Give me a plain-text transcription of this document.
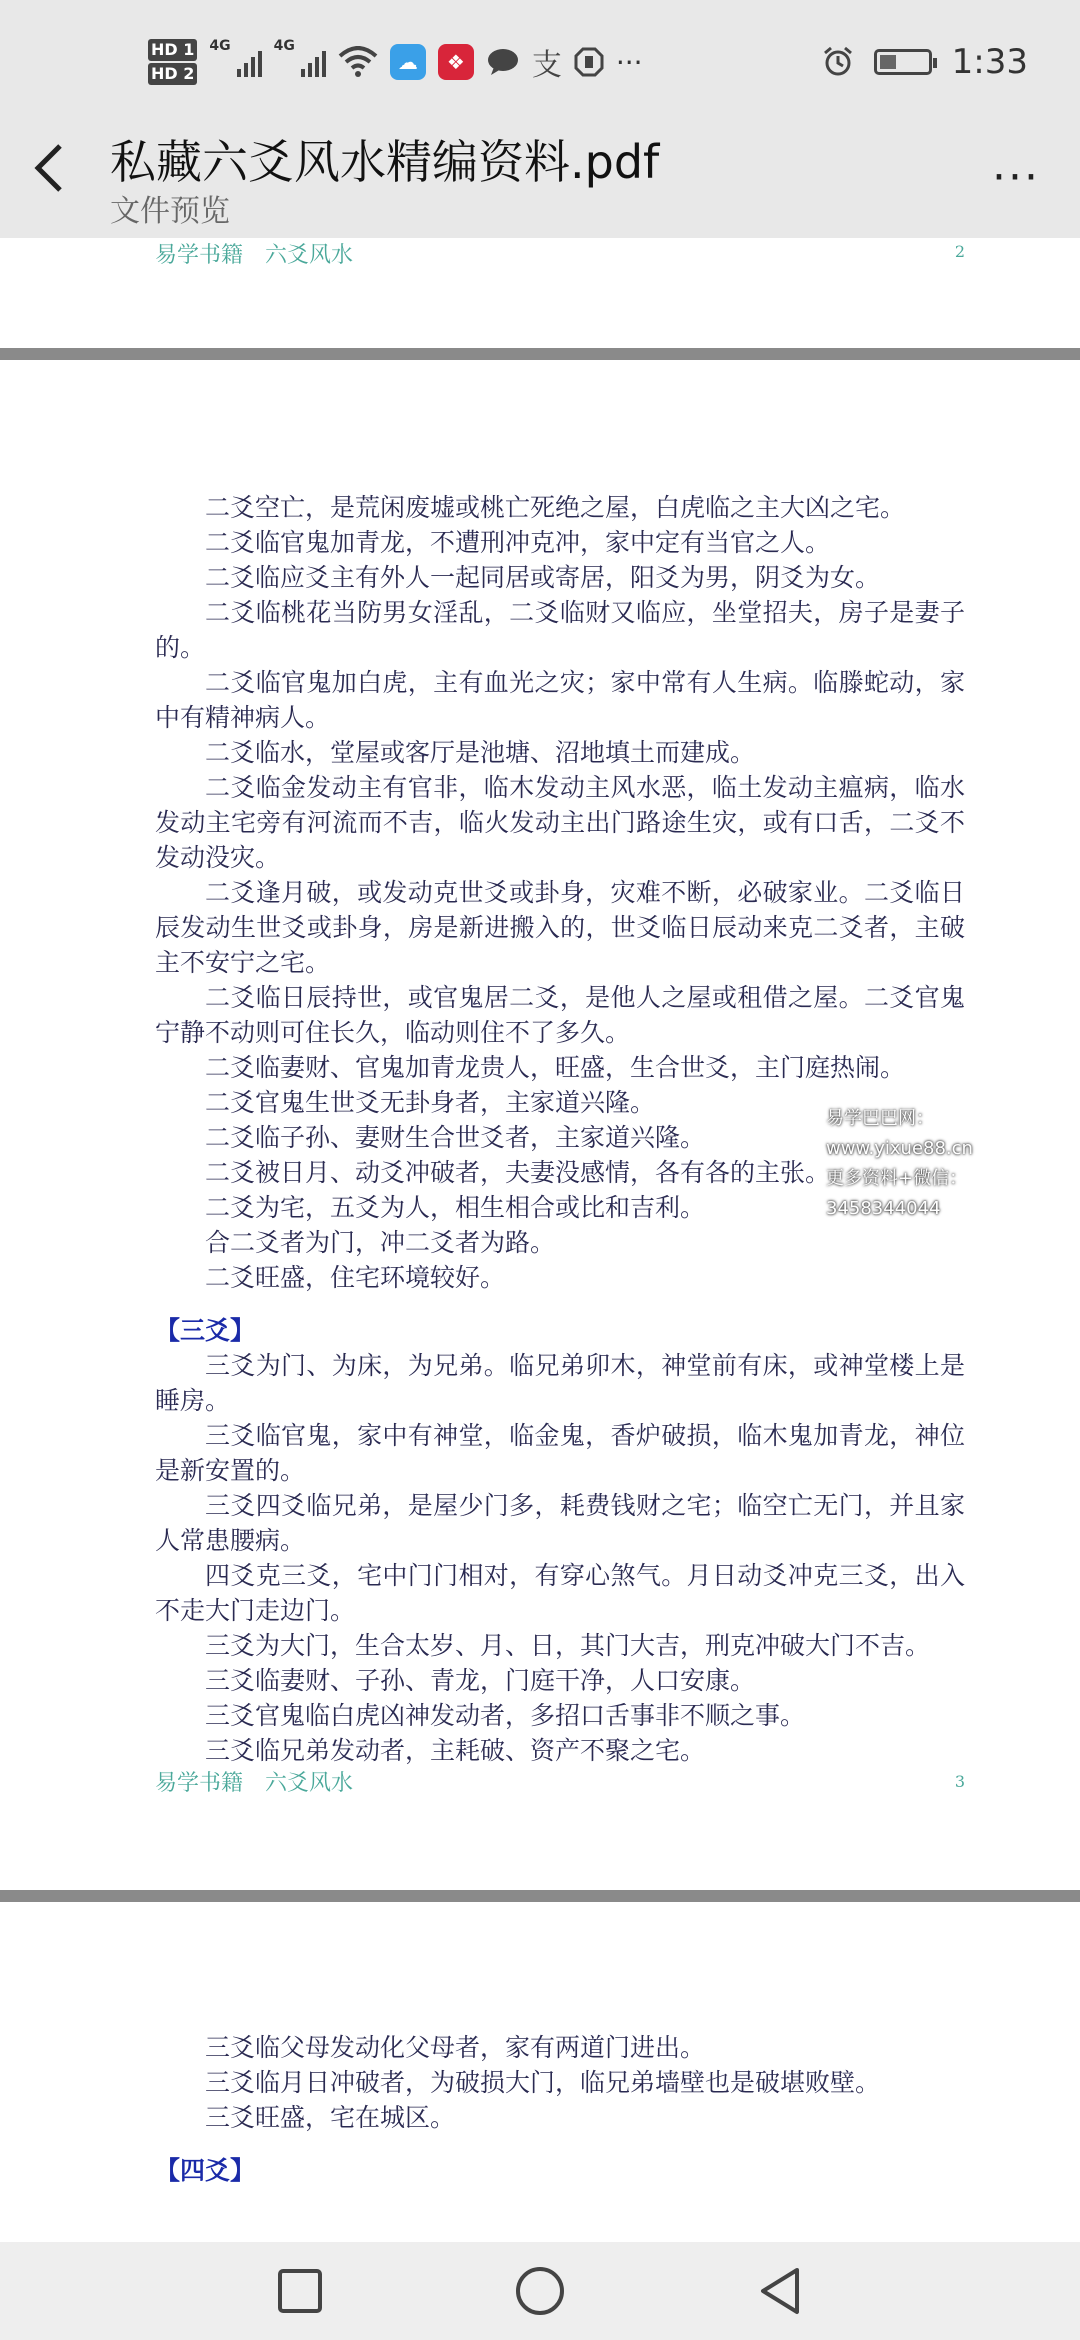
HD 1
HD 2
4G	4G
☁	❖	支 ···	1:33
私藏六爻风水精编资料.pdf
文件预览
···
易学书籍　六爻风水	2

二爻空亡，是荒闲废墟或桃亡死绝之屋，白虎临之主大凶之宅。

二爻临官鬼加青龙，不遭刑冲克冲，家中定有当官之人。

二爻临应爻主有外人一起同居或寄居，阳爻为男，阴爻为女。

二爻临桃花当防男女淫乱，二爻临财又临应，坐堂招夫，房子是妻子的。

二爻临官鬼加白虎，主有血光之灾；家中常有人生病。临滕蛇动，家中有精神病人。

二爻临水，堂屋或客厅是池塘、沼地填土而建成。

二爻临金发动主有官非，临木发动主风水恶，临土发动主瘟病，临水发动主宅旁有河流而不吉，临火发动主出门路途生灾，或有口舌，二爻不发动没灾。

二爻逢月破，或发动克世爻或卦身，灾难不断，必破家业。二爻临日辰发动生世爻或卦身，房是新进搬入的，世爻临日辰动来克二爻者，主破主不安宁之宅。

二爻临日辰持世，或官鬼居二爻，是他人之屋或租借之屋。二爻官鬼宁静不动则可住长久，临动则住不了多久。

二爻临妻财、官鬼加青龙贵人，旺盛，生合世爻，主门庭热闹。

二爻官鬼生世爻无卦身者，主家道兴隆。

二爻临子孙、妻财生合世爻者，主家道兴隆。

二爻被日月、动爻冲破者，夫妻没感情，各有各的主张。

二爻为宅，五爻为人，相生相合或比和吉利。

合二爻者为门，冲二爻者为路。

二爻旺盛，住宅环境较好。

【三爻】

三爻为门、为床，为兄弟。临兄弟卯木，神堂前有床，或神堂楼上是睡房。

三爻临官鬼，家中有神堂，临金鬼，香炉破损，临木鬼加青龙，神位是新安置的。

三爻四爻临兄弟，是屋少门多，耗费钱财之宅；临空亡无门，并且家人常患腰病。

四爻克三爻，宅中门门相对，有穿心煞气。月日动爻冲克三爻，出入不走大门走边门。

三爻为大门，生合太岁、月、日，其门大吉，刑克冲破大门不吉。

三爻临妻财、子孙、青龙，门庭干净，人口安康。

三爻官鬼临白虎凶神发动者，多招口舌事非不顺之事。

三爻临兄弟发动者，主耗破、资产不聚之宅。

易学书籍　六爻风水	3
易学巴巴网：www.yixue88.cn
更多资料+微信：3458344044

三爻临父母发动化父母者，家有两道门进出。

三爻临月日冲破者，为破损大门，临兄弟墙壁也是破堪败壁。

三爻旺盛，宅在城区。

【四爻】
